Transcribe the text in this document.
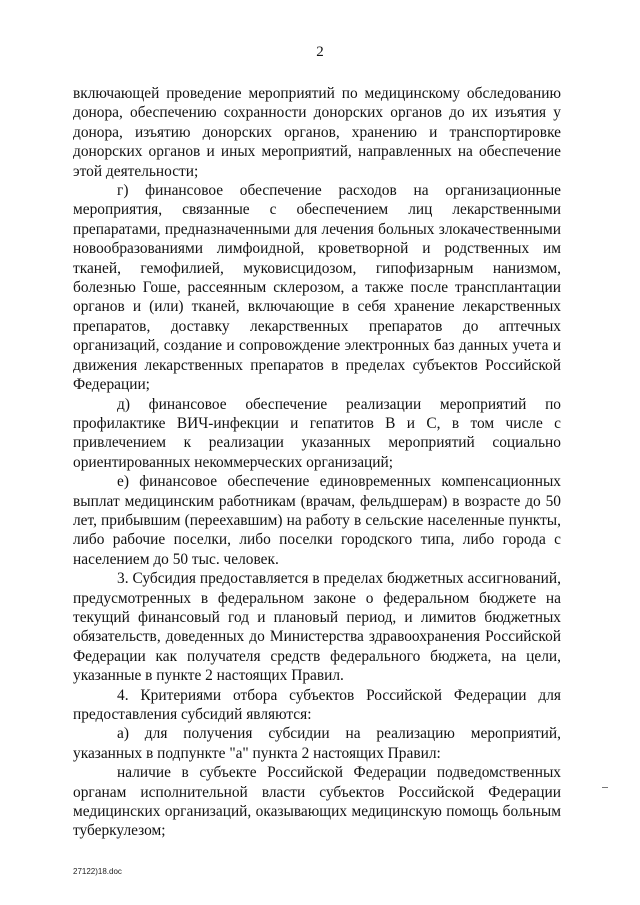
2

включающей проведение мероприятий по медицинскому обследованию донора, обеспечению сохранности донорских органов до их изъятия у донора, изъятию донорских органов, хранению и транспортировке донорских органов и иных мероприятий, направленных на обеспечение этой деятельности;

г) финансовое обеспечение расходов на организационные мероприятия, связанные с обеспечением лиц лекарственными препаратами, предназначенными для лечения больных злокачественными новообразованиями лимфоидной, кроветворной и родственных им тканей, гемофилией, муковисцидозом, гипофизарным нанизмом, болезнью Гоше, рассеянным склерозом, а также после трансплантации органов и (или) тканей, включающие в себя хранение лекарственных препаратов, доставку лекарственных препаратов до аптечных организаций, создание и сопровождение электронных баз данных учета и движения лекарственных препаратов в пределах субъектов Российской Федерации;

д) финансовое обеспечение реализации мероприятий по профилактике ВИЧ-инфекции и гепатитов В и С, в том числе с привлечением к реализации указанных мероприятий социально ориентированных некоммерческих организаций;

е) финансовое обеспечение единовременных компенсационных выплат медицинским работникам (врачам, фельдшерам) в возрасте до 50 лет, прибывшим (переехавшим) на работу в сельские населенные пункты, либо рабочие поселки, либо поселки городского типа, либо города с населением до 50 тыс. человек.

3. Субсидия предоставляется в пределах бюджетных ассигнований, предусмотренных в федеральном законе о федеральном бюджете на текущий финансовый год и плановый период, и лимитов бюджетных обязательств, доведенных до Министерства здравоохранения Российской Федерации как получателя средств федерального бюджета, на цели, указанные в пункте 2 настоящих Правил.

4. Критериями отбора субъектов Российской Федерации для предоставления субсидий являются:

а) для получения субсидии на реализацию мероприятий, указанных в подпункте "а" пункта 2 настоящих Правил:

наличие в субъекте Российской Федерации подведомственных органам исполнительной власти субъектов Российской Федерации медицинских организаций, оказывающих медицинскую помощь больным туберкулезом;

27122)18.doc
